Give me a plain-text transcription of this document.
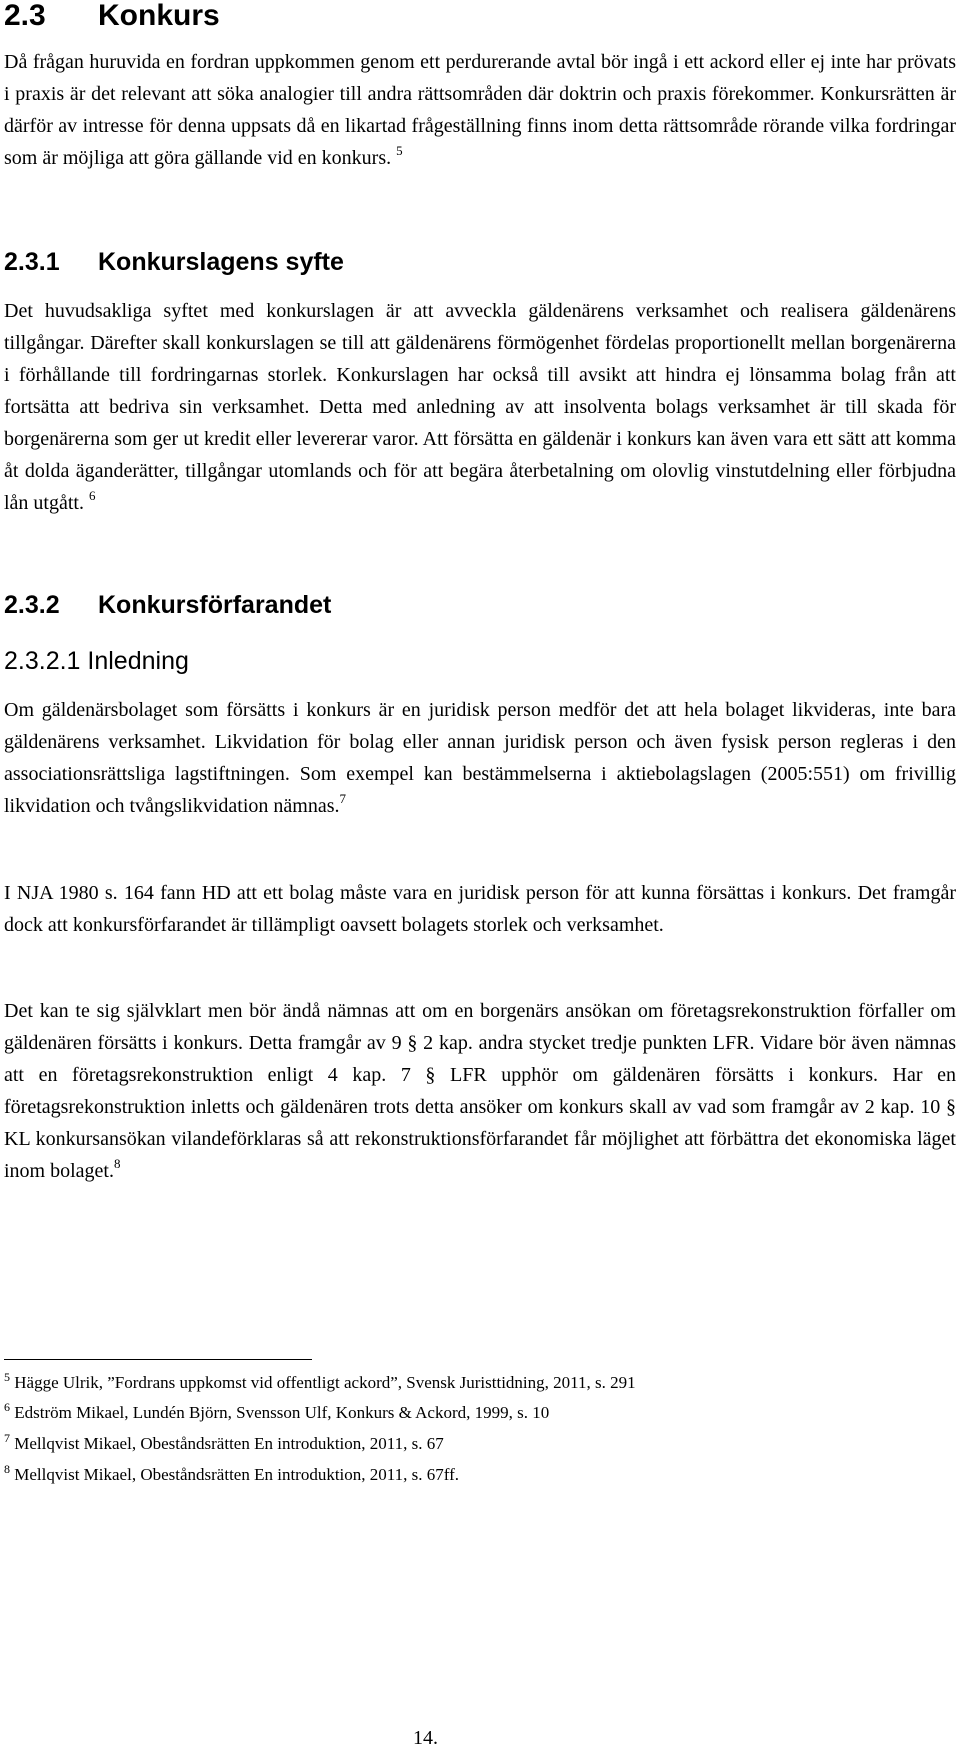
2.3 Konkurs

Då frågan huruvida en fordran uppkommen genom ett perdurerande avtal bör ingå i ett ackord eller ej inte har prövats i praxis är det relevant att söka analogier till andra rättsområden där doktrin och praxis förekommer. Konkursrätten är därför av intresse för denna uppsats då en likartad frågeställning finns inom detta rättsområde rörande vilka fordringar som är möjliga att göra gällande vid en konkurs. $^5$

2.3.1 Konkurslagens syfte

Det huvudsakliga syftet med konkurslagen är att avveckla gäldenärens verksamhet och realisera gäldenärens tillgångar. Därefter skall konkurslagen se till att gäldenärens förmögenhet fördelas proportionellt mellan borgenärerna i förhållande till fordringarnas storlek. Konkurslagen har också till avsikt att hindra ej lönsamma bolag från att fortsätta att bedriva sin verksamhet. Detta med anledning av att insolventa bolags verksamhet är till skada för borgenärerna som ger ut kredit eller levererar varor. Att försätta en gäldenär i konkurs kan även vara ett sätt att komma åt dolda äganderätter, tillgångar utomlands och för att begära återbetalning om olovlig vinstutdelning eller förbjudna lån utgått. $^6$

2.3.2 Konkursförfarandet
2.3.2.1 Inledning

Om gäldenärsbolaget som försätts i konkurs är en juridisk person medför det att hela bolaget likvideras, inte bara gäldenärens verksamhet. Likvidation för bolag eller annan juridisk person och även fysisk person regleras i den associationsrättsliga lagstiftningen. Som exempel kan bestämmelserna i aktiebolagslagen (2005:551) om frivillig likvidation och tvångslikvidation nämnas.$^7$

I NJA 1980 s. 164 fann HD att ett bolag måste vara en juridisk person för att kunna försättas i konkurs. Det framgår dock att konkursförfarandet är tillämpligt oavsett bolagets storlek och verksamhet.

Det kan te sig självklart men bör ändå nämnas att om en borgenärs ansökan om företagsrekonstruktion förfaller om gäldenären försätts i konkurs. Detta framgår av 9 § 2 kap. andra stycket tredje punkten LFR. Vidare bör även nämnas att en företagsrekonstruktion enligt 4 kap. 7 § LFR upphör om gäldenären försätts i konkurs. Har en företagsrekonstruktion inletts och gäldenären trots detta ansöker om konkurs skall av vad som framgår av 2 kap. 10 § KL konkursansökan vilandeförklaras så att rekonstruktionsförfarandet får möjlighet att förbättra det ekonomiska läget inom bolaget.$^8$

$^5$ Hägge Ulrik, ”Fordrans uppkomst vid offentligt ackord”, Svensk Juristtidning, 2011, s. 291

$^6$ Edström Mikael, Lundén Björn, Svensson Ulf, Konkurs & Ackord, 1999, s. 10

$^7$ Mellqvist Mikael, Obeståndsrätten En introduktion, 2011, s. 67

$^8$ Mellqvist Mikael, Obeståndsrätten En introduktion, 2011, s. 67ff.

14.
